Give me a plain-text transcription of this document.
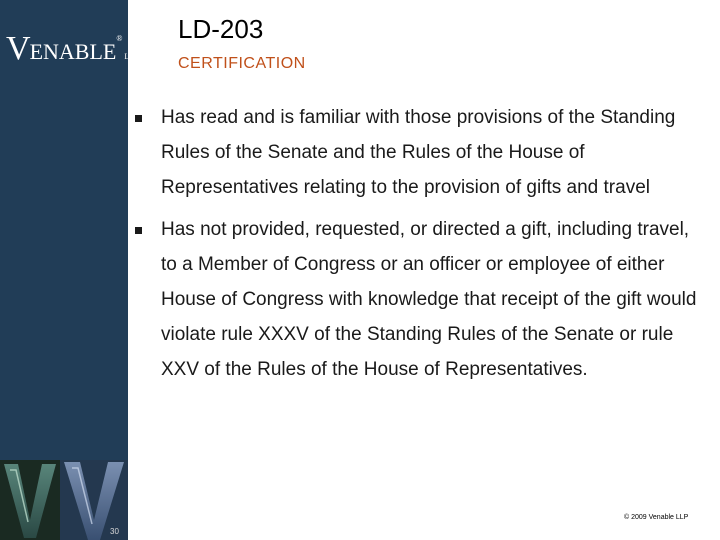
VENABLE®LLP
LD-203
CERTIFICATION
Has read and is familiar with those provisions of the Standing Rules of the Senate and the Rules of the House of Representatives relating to the provision of gifts and travel
Has not provided, requested, or directed a gift, including travel, to a Member of Congress or an officer or employee of either House of Congress with knowledge that receipt of the gift would violate rule XXXV of the Standing Rules of the Senate or rule XXV of the Rules of the House of Representatives.
30
© 2009 Venable LLP
